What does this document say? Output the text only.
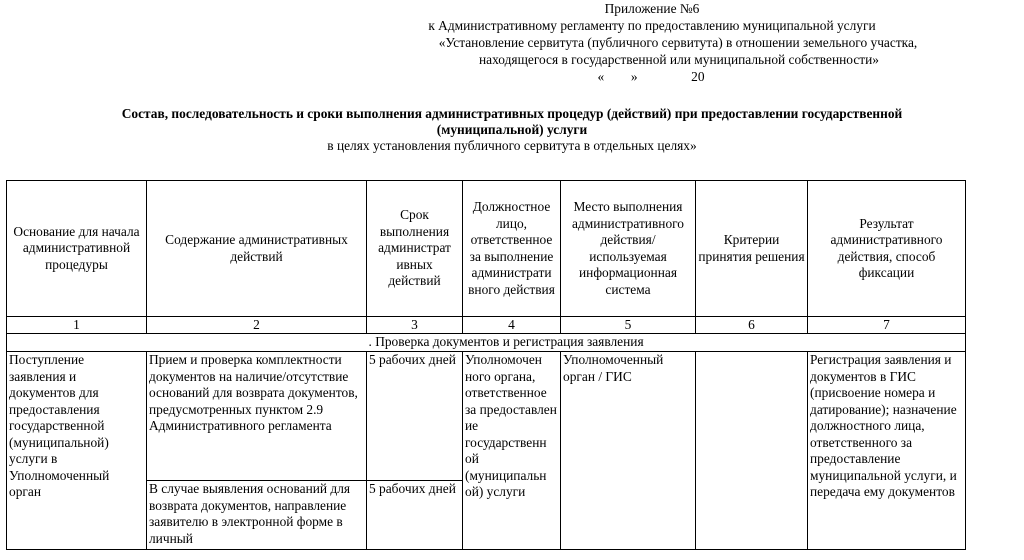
Приложение №6
к Административному регламенту по предоставлению муниципальной услуги
«Установление сервитута (публичного сервитута) в отношении земельного участка,
находящегося в государственной или муниципальной собственности»
«        »                20
Состав, последовательность и сроки выполнения административных процедур (действий) при предоставлении государственной
(муниципальной) услуги
в целях установления публичного сервитута в отдельных целях»
Основание для начала административной процедуры	Содержание административных действий	Срок выполнения администрат ивных действий	Должностное лицо, ответственное за выполнение администрати вного действия	Место выполнения административного действия/ используемая информационная система	Критерии принятия решения	Результат административного действия, способ фиксации
1	2	3	4	5	6	7
		. Проверка документов и регистрация заявления				
Поступление заявления и документов для предоставления государственной (муниципальной) услуги в Уполномоченный орган	Прием и проверка комплектности документов на наличие/отсутствие оснований для возврата документов, предусмотренных пунктом 2.9 Административного регламента	5 рабочих дней	Уполномочен ного органа, ответственное за предоставлен ие государственн ой (муниципальн ой) услуги	Уполномоченный орган / ГИС		Регистрация заявления и документов в ГИС (присвоение номера и датирование); назначение должностного лица, ответственного за предоставление муниципальной услуги, и передача ему документов
	В случае выявления оснований для возврата документов, направление заявителю в электронной форме в личный	5 рабочих дней				
